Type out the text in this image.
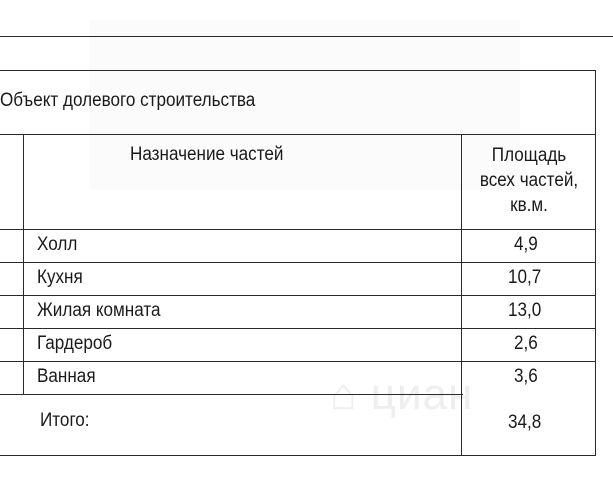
⌂ циан
Объект долевого строительства
Назначение частей	Площадь
всех частей,
кв.м.
Холл	4,9
Кухня	10,7
Жилая комната	13,0
Гардероб	2,6
Ванная	3,6
Итого:	34,8
